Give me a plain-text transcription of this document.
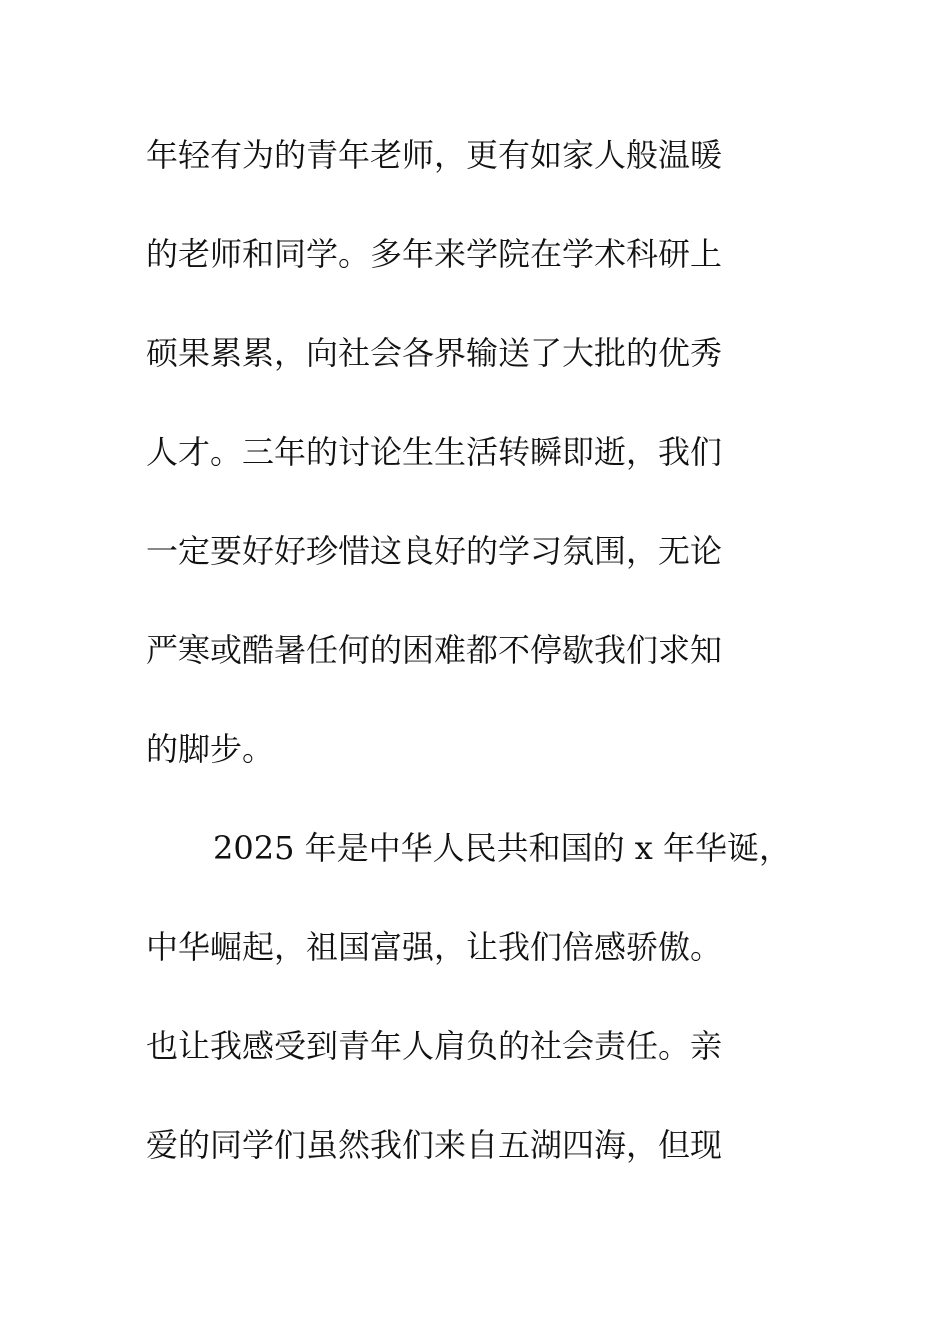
年轻有为的青年老师，更有如家人般温暖
的老师和同学。多年来学院在学术科研上
硕果累累，向社会各界输送了大批的优秀
人才。三年的讨论生生活转瞬即逝，我们
一定要好好珍惜这良好的学习氛围，无论
严寒或酷暑任何的困难都不停歇我们求知
的脚步。
2025 年是中华人民共和国的 x 年华诞，
中华崛起，祖国富强，让我们倍感骄傲。
也让我感受到青年人肩负的社会责任。亲
爱的同学们虽然我们来自五湖四海，但现
